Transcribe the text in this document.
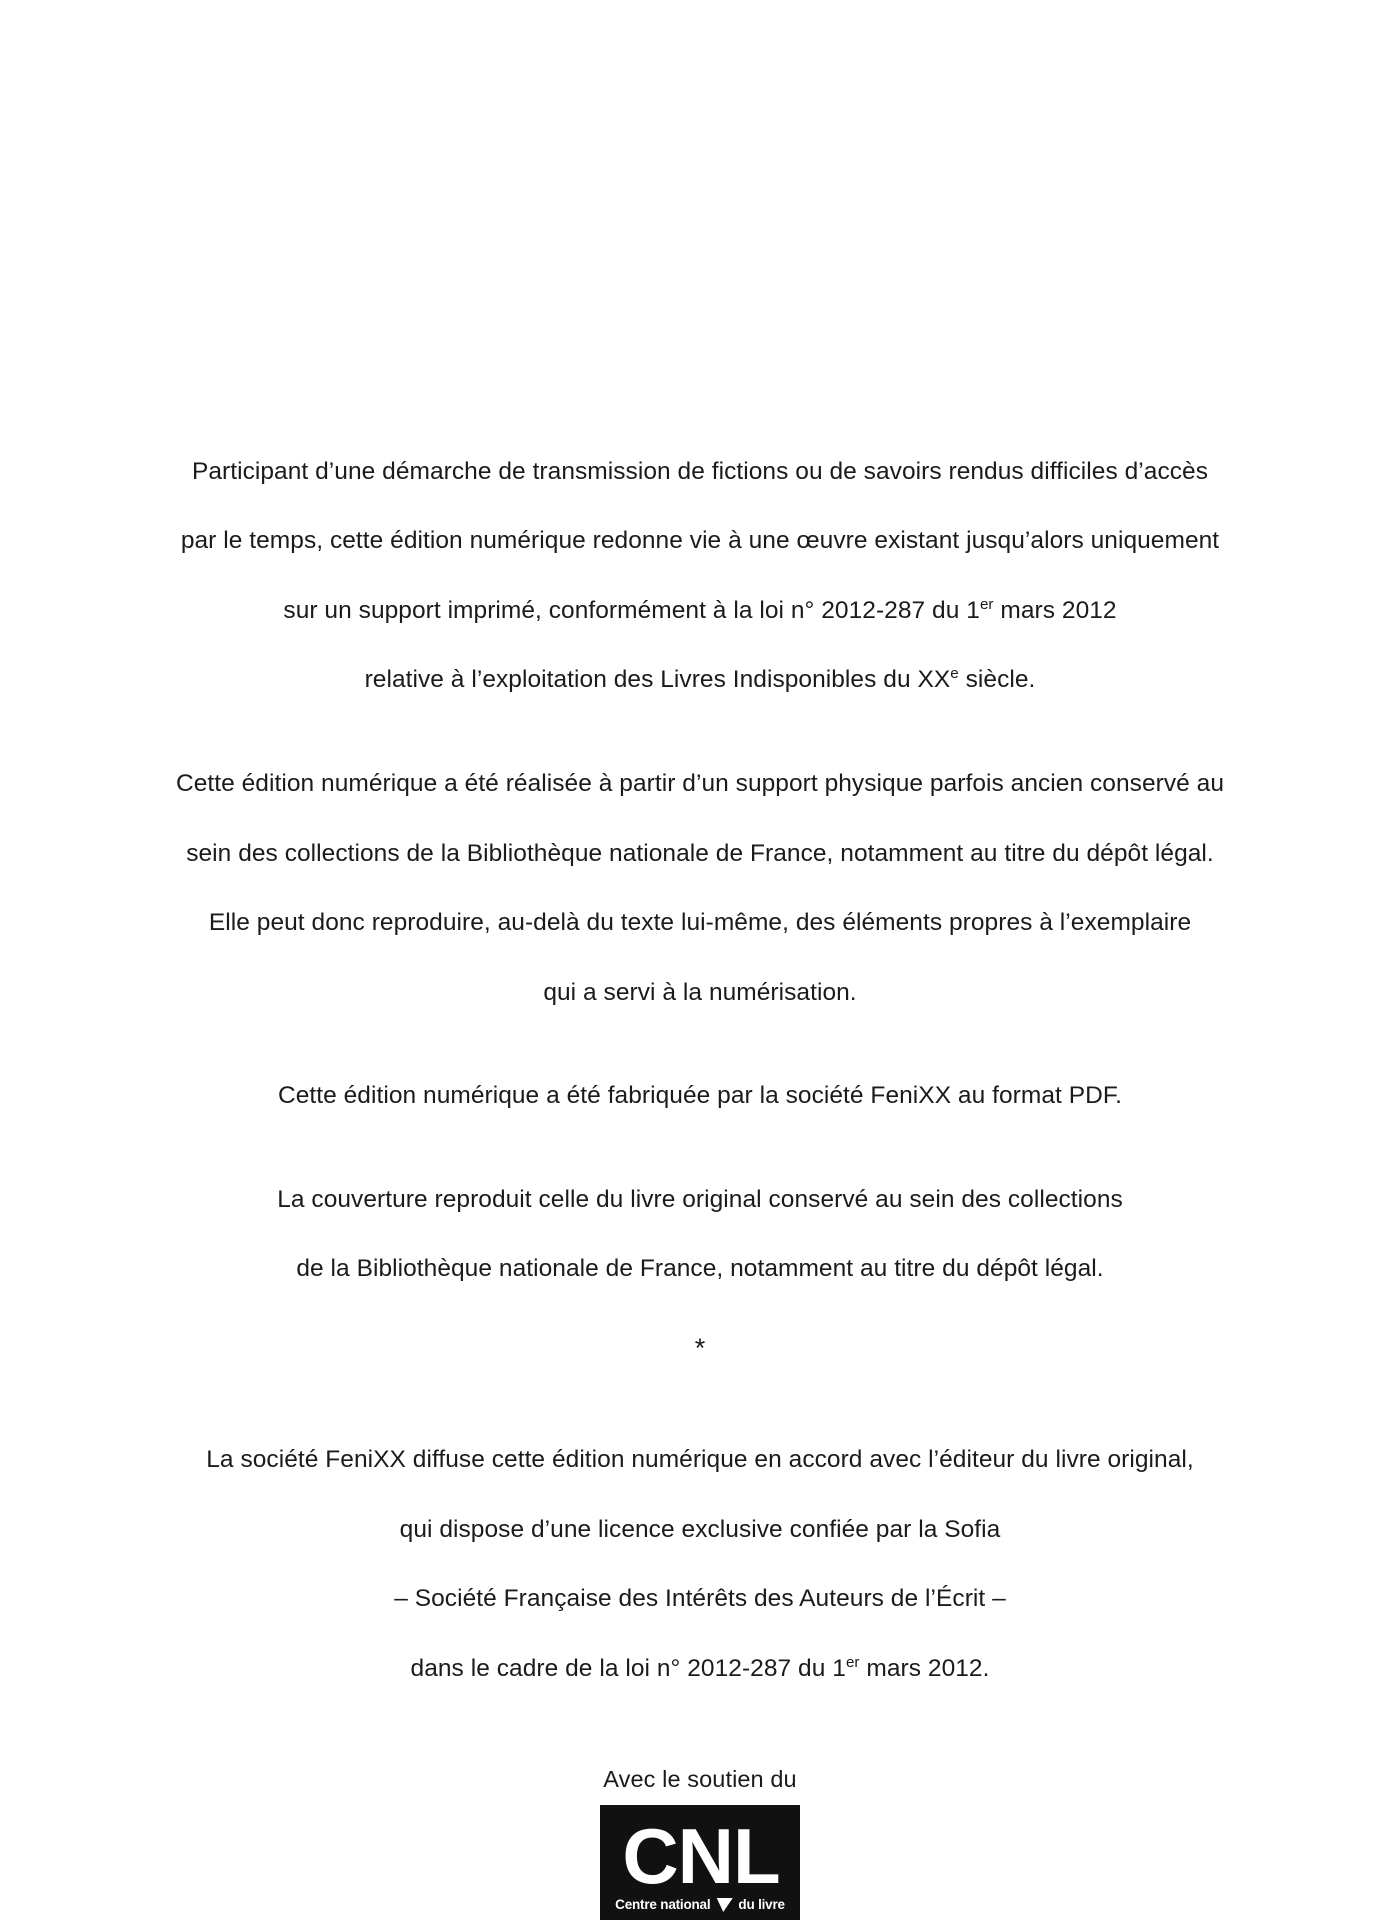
Participant d’une démarche de transmission de fictions ou de savoirs rendus difficiles d’accès

par le temps, cette édition numérique redonne vie à une œuvre existant jusqu’alors uniquement

sur un support imprimé, conformément à la loi n° 2012-287 du 1er mars 2012

relative à l’exploitation des Livres Indisponibles du XXe siècle.

Cette édition numérique a été réalisée à partir d’un support physique parfois ancien conservé au

sein des collections de la Bibliothèque nationale de France, notamment au titre du dépôt légal.

Elle peut donc reproduire, au-delà du texte lui-même, des éléments propres à l’exemplaire

qui a servi à la numérisation.

Cette édition numérique a été fabriquée par la société FeniXX au format PDF.

La couverture reproduit celle du livre original conservé au sein des collections

de la Bibliothèque nationale de France, notamment au titre du dépôt légal.

*

La société FeniXX diffuse cette édition numérique en accord avec l’éditeur du livre original,

qui dispose d’une licence exclusive confiée par la Sofia

– Société Française des Intérêts des Auteurs de l’Écrit –

dans le cadre de la loi n° 2012-287 du 1er mars 2012.

Avec le soutien du
C N L
Centre national du livre
